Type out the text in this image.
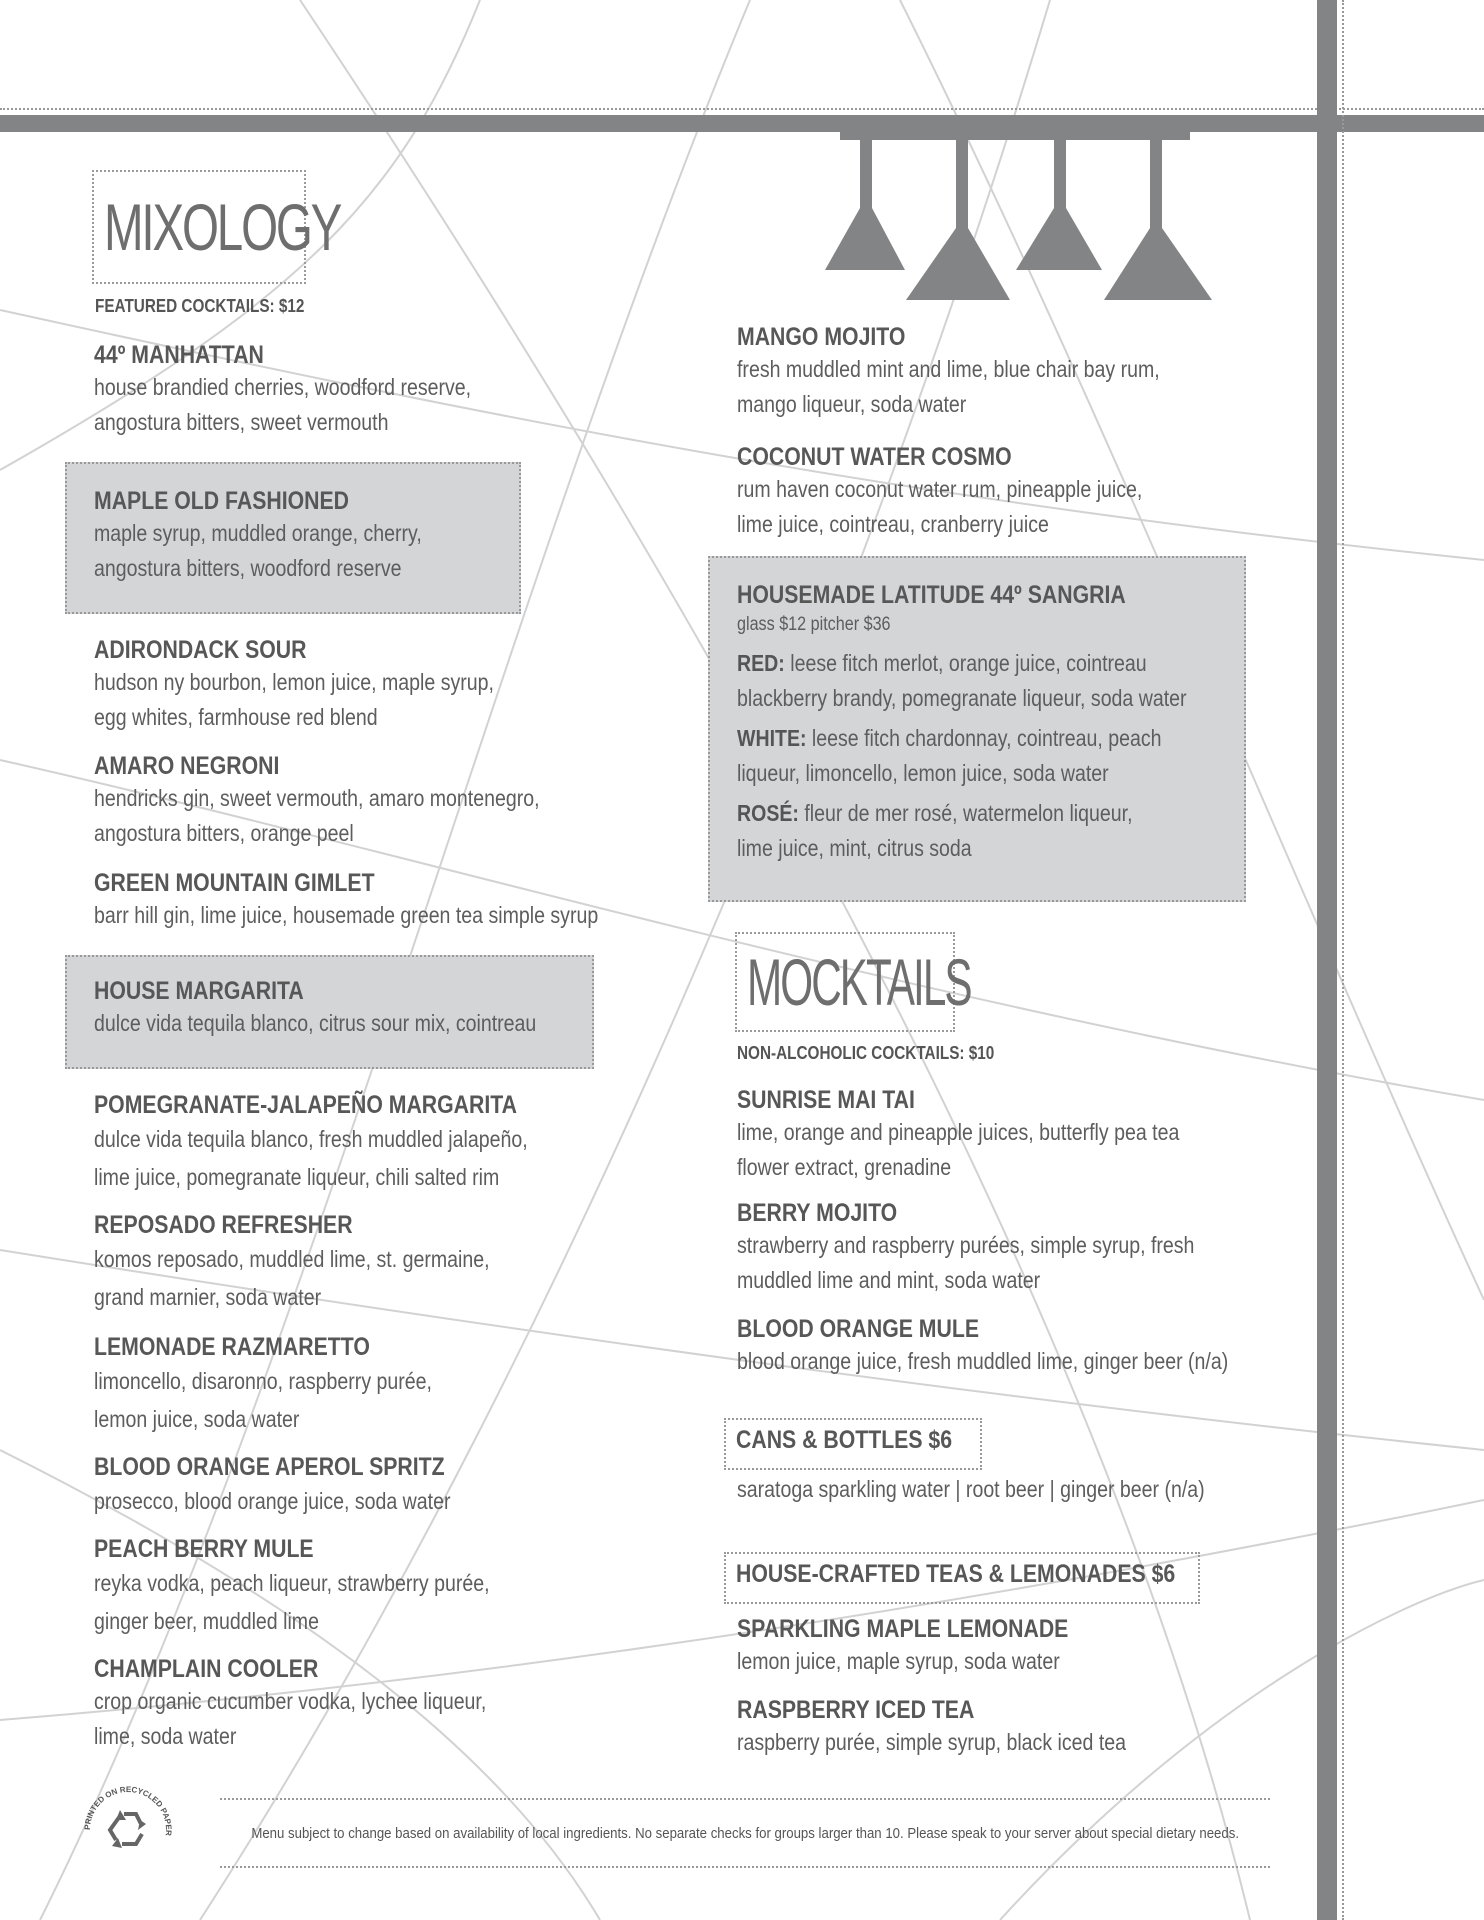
MIXOLOGY
FEATURED COCKTAILS: $12
44º MANHATTAN
house brandied cherries, woodford reserve,
angostura bitters, sweet vermouth
MAPLE OLD FASHIONED
maple syrup, muddled orange, cherry,
angostura bitters, woodford reserve
ADIRONDACK SOUR
hudson ny bourbon, lemon juice, maple syrup,
egg whites, farmhouse red blend
AMARO NEGRONI
hendricks gin, sweet vermouth, amaro montenegro,
angostura bitters, orange peel
GREEN MOUNTAIN GIMLET
barr hill gin, lime juice, housemade green tea simple syrup
HOUSE MARGARITA
dulce vida tequila blanco, citrus sour mix, cointreau
POMEGRANATE-JALAPEÑO MARGARITA
dulce vida tequila blanco, fresh muddled jalapeño,
lime juice, pomegranate liqueur, chili salted rim
REPOSADO REFRESHER
komos reposado, muddled lime, st. germaine,
grand marnier, soda water
LEMONADE RAZMARETTO
limoncello, disaronno, raspberry purée,
lemon juice, soda water
BLOOD ORANGE APEROL SPRITZ
prosecco, blood orange juice, soda water
PEACH BERRY MULE
reyka vodka, peach liqueur, strawberry purée,
ginger beer, muddled lime
CHAMPLAIN COOLER
crop organic cucumber vodka, lychee liqueur,
lime, soda water
MANGO MOJITO
fresh muddled mint and lime, blue chair bay rum,
mango liqueur, soda water
COCONUT WATER COSMO
rum haven coconut water rum, pineapple juice,
lime juice, cointreau, cranberry juice
HOUSEMADE LATITUDE 44º SANGRIA
glass $12 pitcher $36
RED: leese fitch merlot, orange juice, cointreau
blackberry brandy, pomegranate liqueur, soda water
WHITE: leese fitch chardonnay, cointreau, peach
liqueur, limoncello, lemon juice, soda water
ROSÉ: fleur de mer rosé, watermelon liqueur,
lime juice, mint, citrus soda
MOCKTAILS
NON-ALCOHOLIC COCKTAILS: $10
SUNRISE MAI TAI
lime, orange and pineapple juices, butterfly pea tea
flower extract, grenadine
BERRY MOJITO
strawberry and raspberry purées, simple syrup, fresh
muddled lime and mint, soda water
BLOOD ORANGE MULE
blood orange juice, fresh muddled lime, ginger beer (n/a)
CANS & BOTTLES $6
saratoga sparkling water | root beer | ginger beer (n/a)
HOUSE-CRAFTED TEAS & LEMONADES $6
SPARKLING MAPLE LEMONADE
lemon juice, maple syrup, soda water
RASPBERRY ICED TEA
raspberry purée, simple syrup, black iced tea
PRINTED ON RECYCLED PAPER	Menu subject to change based on availability of local ingredients. No separate checks for groups larger than 10. Please speak to your server about special dietary needs.
